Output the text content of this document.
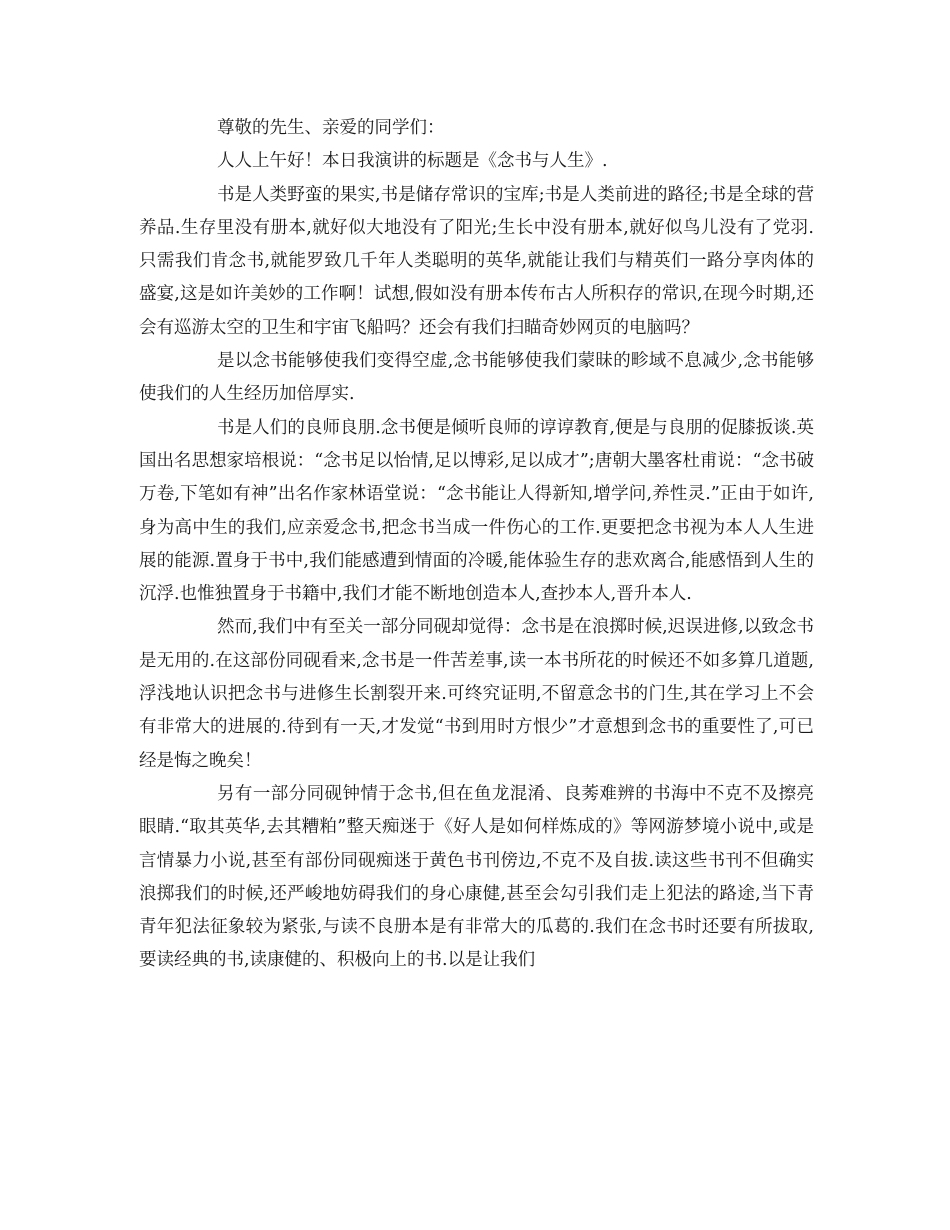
尊敬的先生、亲爱的同学们：

人人上午好！本日我演讲的标题是《念书与人生》.

书是人类野蛮的果实,书是储存常识的宝库;书是人类前进的路径;书是全球的营养品.生存里没有册本,就好似大地没有了阳光;生长中没有册本,就好似鸟儿没有了党羽.只需我们肯念书,就能罗致几千年人类聪明的英华,就能让我们与精英们一路分享肉体的盛宴,这是如许美妙的工作啊！试想,假如没有册本传布古人所积存的常识,在现今时期,还会有巡游太空的卫生和宇宙飞船吗？还会有我们扫瞄奇妙网页的电脑吗？

是以念书能够使我们变得空虚,念书能够使我们蒙昧的畛域不息减少,念书能够使我们的人生经历加倍厚实.

书是人们的良师良朋.念书便是倾听良师的谆谆教育,便是与良朋的促膝扳谈.英国出名思想家培根说：“念书足以怡情,足以博彩,足以成才”;唐朝大墨客杜甫说：“念书破万卷,下笔如有神”出名作家林语堂说：“念书能让人得新知,增学问,养性灵.”正由于如许,身为高中生的我们,应亲爱念书,把念书当成一件伤心的工作.更要把念书视为本人人生进展的能源.置身于书中,我们能感遭到情面的冷暖,能体验生存的悲欢离合,能感悟到人生的沉浮.也惟独置身于书籍中,我们才能不断地创造本人,查抄本人,晋升本人.

然而,我们中有至关一部分同砚却觉得：念书是在浪掷时候,迟误进修,以致念书是无用的.在这部份同砚看来,念书是一件苦差事,读一本书所花的时候还不如多算几道题,浮浅地认识把念书与进修生长割裂开来.可终究证明,不留意念书的门生,其在学习上不会有非常大的进展的.待到有一天,才发觉“书到用时方恨少”才意想到念书的重要性了,可已经是悔之晚矣！

另有一部分同砚钟情于念书,但在鱼龙混淆、良莠难辨的书海中不克不及擦亮眼睛.“取其英华,去其糟粕”整天痴迷于《好人是如何样炼成的》等网游梦境小说中,或是言情暴力小说,甚至有部份同砚痴迷于黄色书刊傍边,不克不及自拔.读这些书刊不但确实浪掷我们的时候,还严峻地妨碍我们的身心康健,甚至会勾引我们走上犯法的路途,当下青青年犯法征象较为紧张,与读不良册本是有非常大的瓜葛的.我们在念书时还要有所拔取,要读经典的书,读康健的、积极向上的书.以是让我们
